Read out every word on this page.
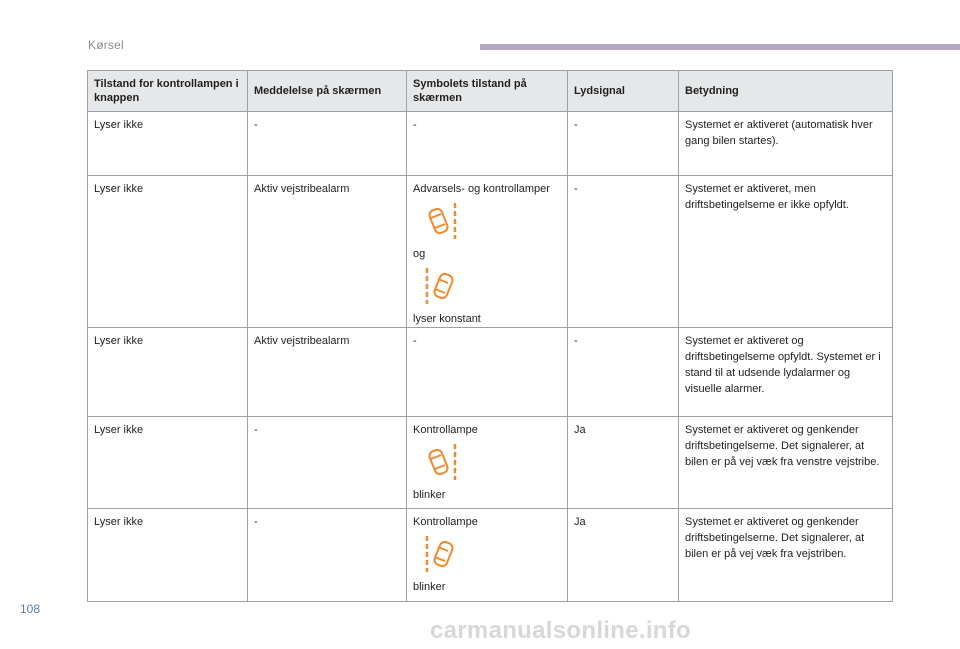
Kørsel
Tilstand for kontrollampen i knappen	Meddelelse på skærmen	Symbolets tilstand på skærmen	Lydsignal	Betydning
Lyser ikke	-	-	-	Systemet er aktiveret (automatisk hver gang bilen startes).
Lyser ikke	Aktiv vejstribealarm	Advarsels- og kontrollamper
og
lyser konstant	-	Systemet er aktiveret, men driftsbetingelserne er ikke opfyldt.
Lyser ikke	Aktiv vejstribealarm	-	-	Systemet er aktiveret og driftsbetingelserne opfyldt. Systemet er i stand til at udsende lydalarmer og visuelle alarmer.
Lyser ikke	-	Kontrollampe
blinker	Ja	Systemet er aktiveret og genkender driftsbetingelserne. Det signalerer, at bilen er på vej væk fra venstre vejstribe.
Lyser ikke	-	Kontrollampe
blinker	Ja	Systemet er aktiveret og genkender driftsbetingelserne. Det signalerer, at bilen er på vej væk fra vejstriben.
108
carmanualsonline.info
